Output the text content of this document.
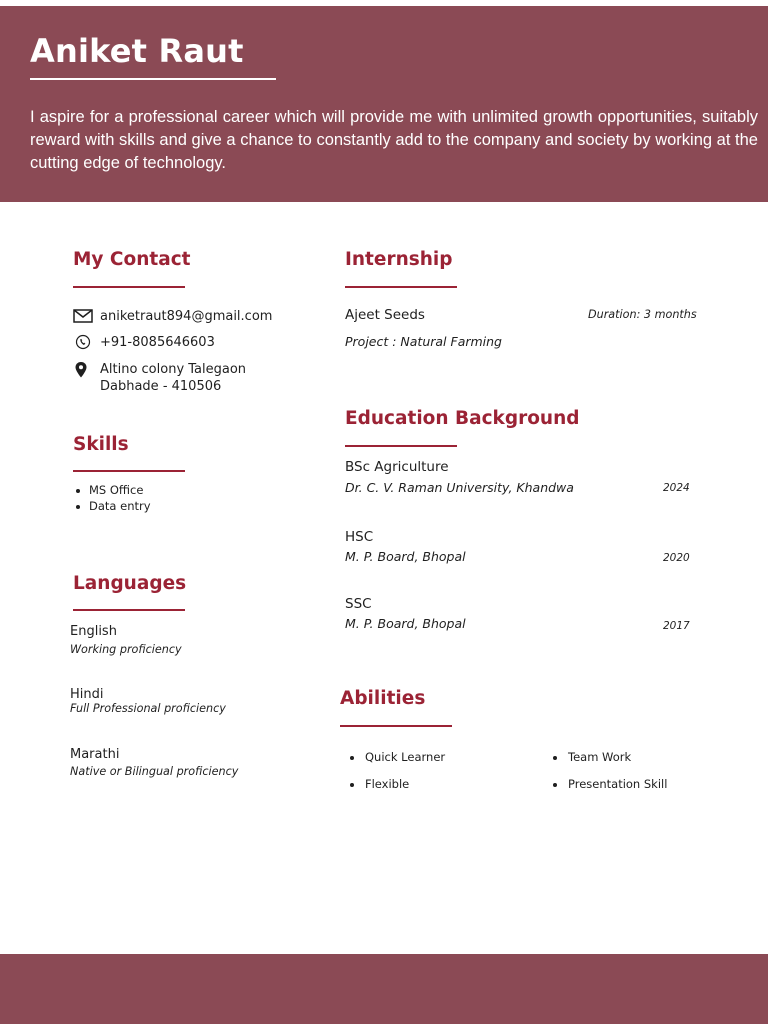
Aniket Raut
I aspire for a professional career which will provide me with unlimited growth opportunities, suitably reward with skills and give a chance to constantly add to the company and society by working at the cutting edge of technology.
My Contact
aniketraut894@gmail.com
+91-8085646603
Altino colony Talegaon
Dabhade - 410506
Skills
MS Office
Data entry
Languages
English
Working proficiency
Hindi
Full Professional proficiency
Marathi
Native or Bilingual proficiency
Internship
Ajeet Seeds	Duration: 3 months
Project : Natural Farming
Education Background
BSc Agriculture
Dr. C. V. Raman University, Khandwa	2024
HSC
M. P. Board, Bhopal	2020
SSC
M. P. Board, Bhopal	2017
Abilities
Quick Learner	Team Work
Flexible	Presentation Skill
